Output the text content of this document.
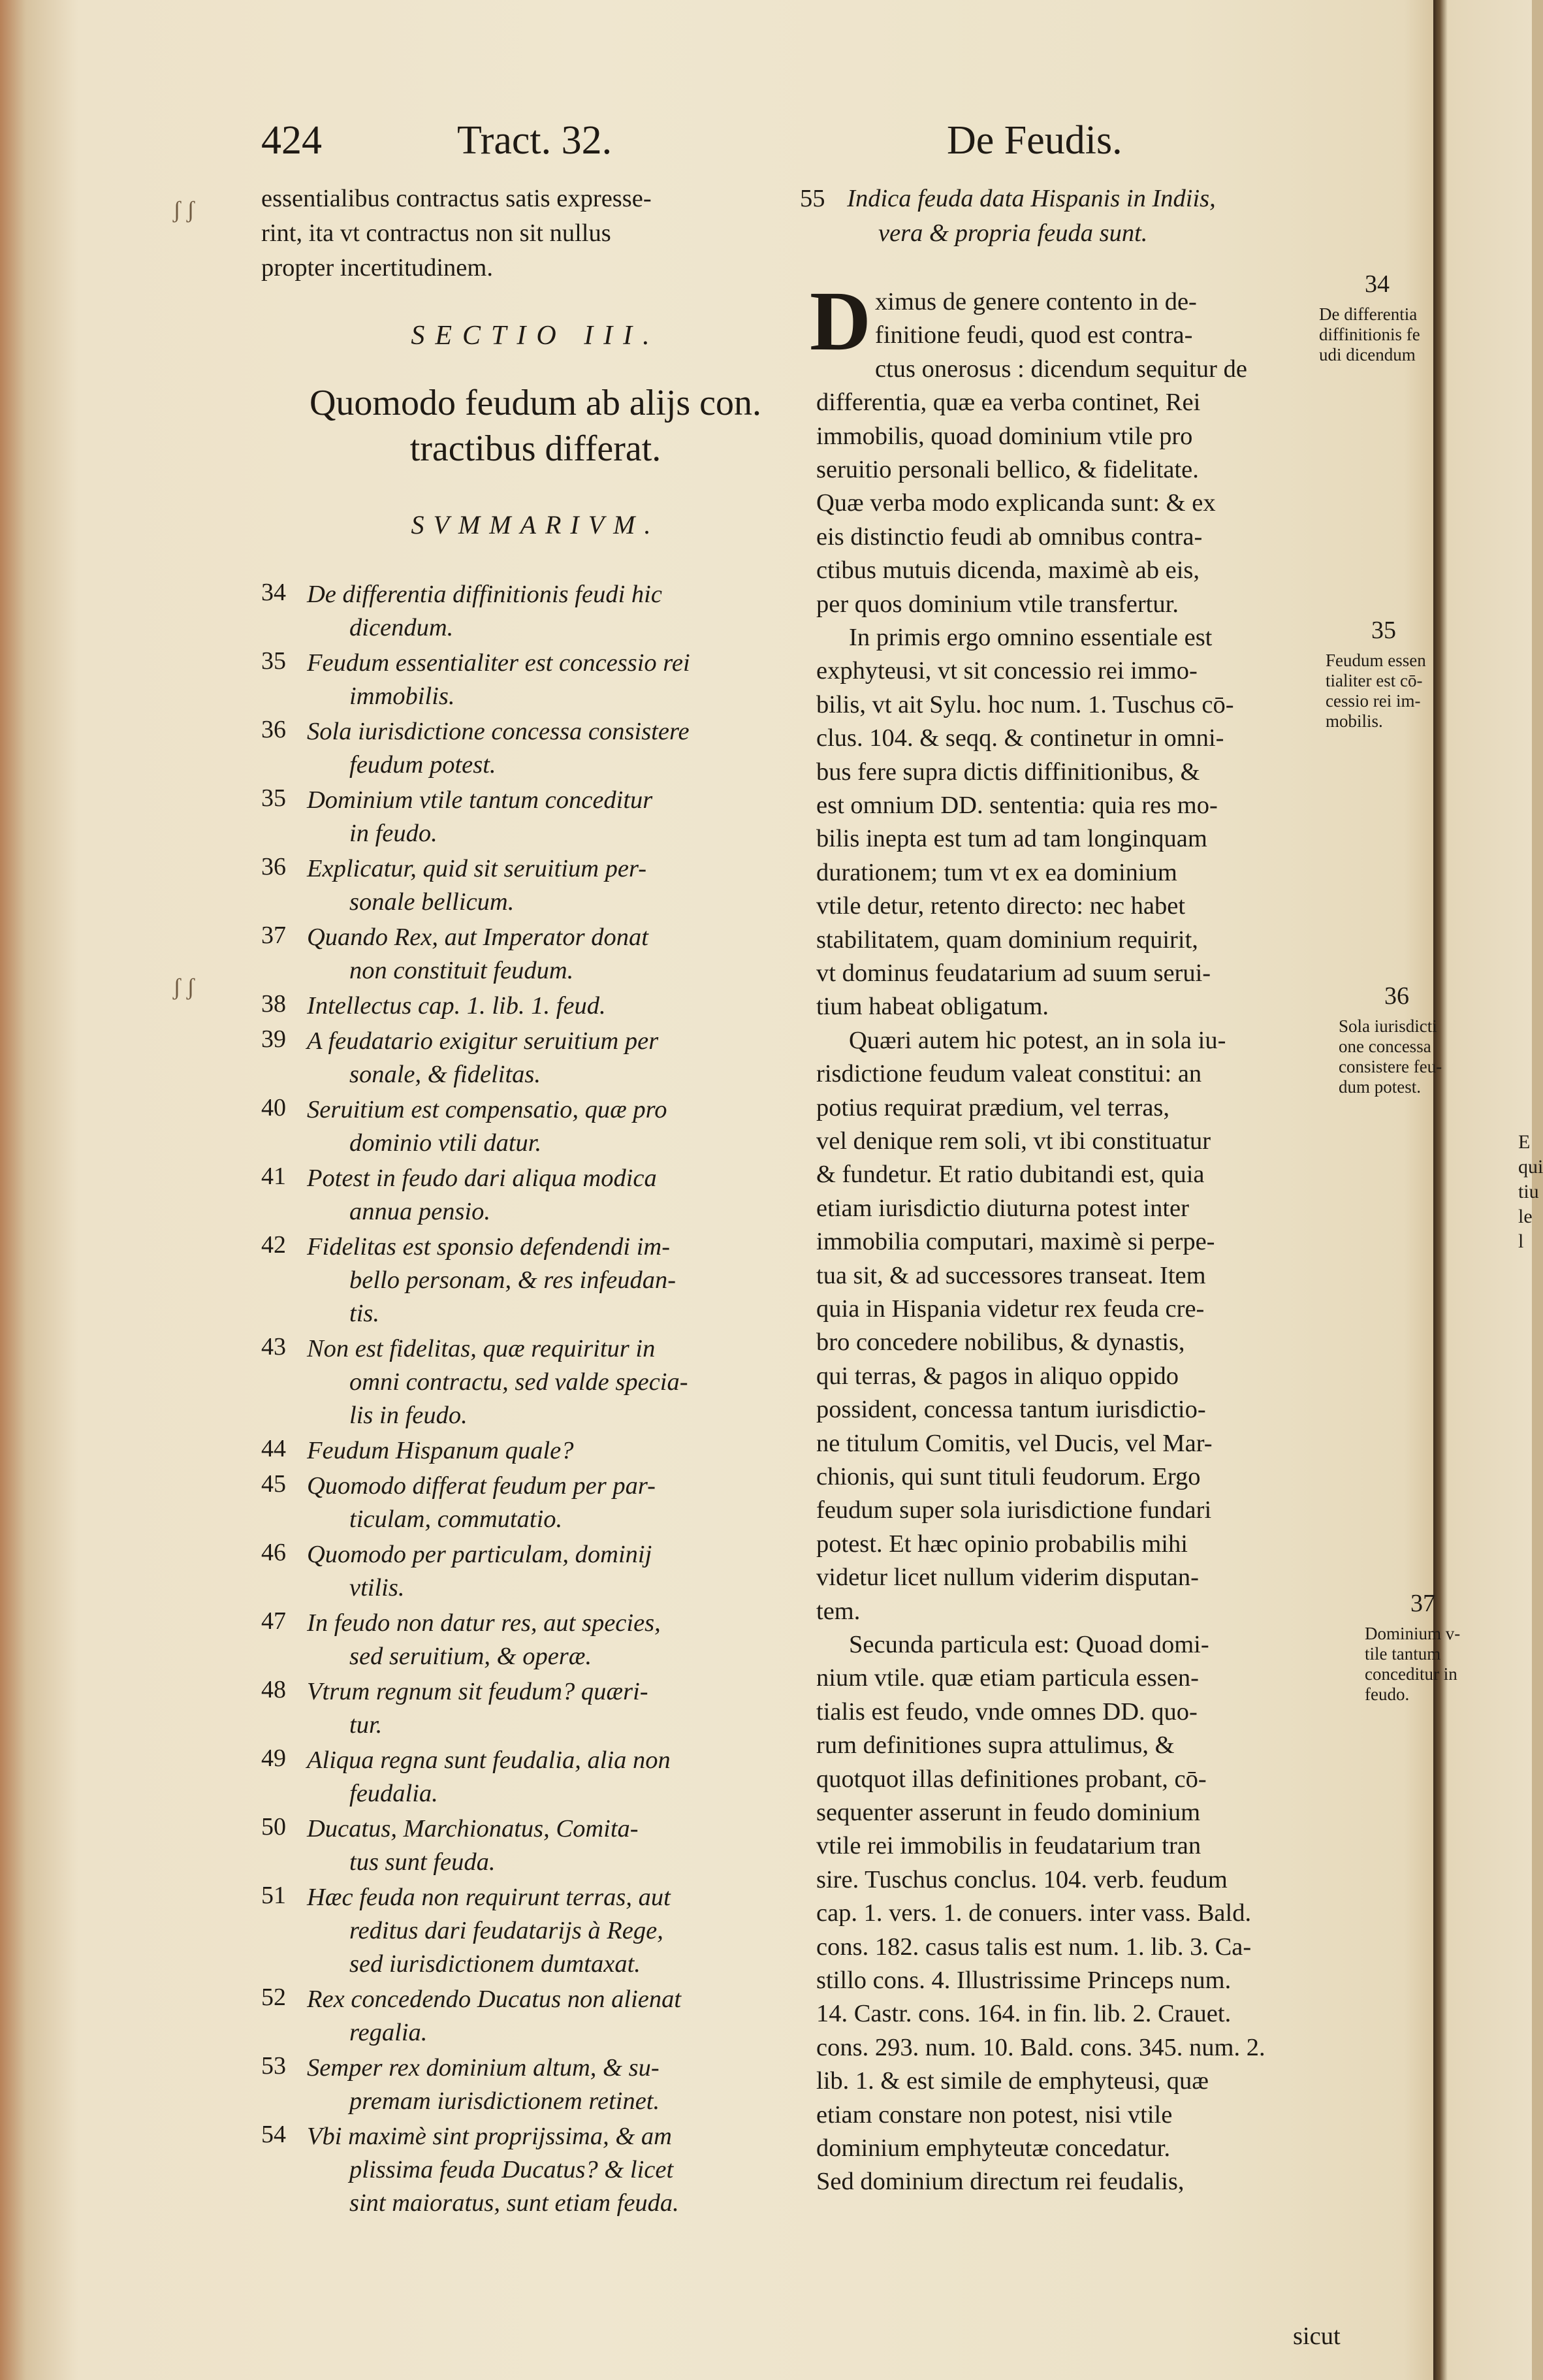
424	Tract. 32.	De Feudis.
essentialibus contractus satis expresse-
rint, ita vt contractus non sit nullus
propter incertitudinem.
SECTIO III.
Quomodo feudum ab alijs con.
tractibus differat.
SVMMARIVM.
34 De differentia diffinitionis feudi hic
dicendum.
35 Feudum essentialiter est concessio rei
immobilis.
36 Sola iurisdictione concessa consistere
feudum potest.
35 Dominium vtile tantum conceditur
in feudo.
36 Explicatur, quid sit seruitium per-
sonale bellicum.
37 Quando Rex, aut Imperator donat
non constituit feudum.
38 Intellectus cap. 1. lib. 1. feud.
39 A feudatario exigitur seruitium per
sonale, & fidelitas.
40 Seruitium est compensatio, quæ pro
dominio vtili datur.
41 Potest in feudo dari aliqua modica
annua pensio.
42 Fidelitas est sponsio defendendi im-
bello personam, & res infeudan-
tis.
43 Non est fidelitas, quæ requiritur in
omni contractu, sed valde specia-
lis in feudo.
44 Feudum Hispanum quale?
45 Quomodo differat feudum per par-
ticulam, commutatio.
46 Quomodo per particulam, dominij
vtilis.
47 In feudo non datur res, aut species,
sed seruitium, & operæ.
48 Vtrum regnum sit feudum? quæri-
tur.
49 Aliqua regna sunt feudalia, alia non
feudalia.
50 Ducatus, Marchionatus, Comita-
tus sunt feuda.
51 Hæc feuda non requirunt terras, aut
reditus dari feudatarijs à Rege,
sed iurisdictionem dumtaxat.
52 Rex concedendo Ducatus non alienat
regalia.
53 Semper rex dominium altum, & su-
premam iurisdictionem retinet.
54 Vbi maximè sint proprijssima, & am
plissima feuda Ducatus? & licet
sint maioratus, sunt etiam feuda.
55 Indica feuda data Hispanis in Indiis,
vera & propria feuda sunt.
D ximus de genere contento in de-
finitione feudi, quod est contra-
ctus onerosus : dicendum sequitur de
differentia, quæ ea verba continet, Rei
immobilis, quoad dominium vtile pro
seruitio personali bellico, & fidelitate.
Quæ verba modo explicanda sunt: & ex
eis distinctio feudi ab omnibus contra-
ctibus mutuis dicenda, maximè ab eis,
per quos dominium vtile transfertur.
In primis ergo omnino essentiale est
exphyteusi, vt sit concessio rei immo-
bilis, vt ait Sylu. hoc num. 1. Tuschus cō-
clus. 104. & seqq. & continetur in omni-
bus fere supra dictis diffinitionibus, &
est omnium DD. sententia: quia res mo-
bilis inepta est tum ad tam longinquam
durationem; tum vt ex ea dominium
vtile detur, retento directo: nec habet
stabilitatem, quam dominium requirit,
vt dominus feudatarium ad suum serui-
tium habeat obligatum.
Quæri autem hic potest, an in sola iu-
risdictione feudum valeat constitui: an
potius requirat prædium, vel terras,
vel denique rem soli, vt ibi constituatur
& fundetur. Et ratio dubitandi est, quia
etiam iurisdictio diuturna potest inter
immobilia computari, maximè si perpe-
tua sit, & ad successores transeat. Item
quia in Hispania videtur rex feuda cre-
bro concedere nobilibus, & dynastis,
qui terras, & pagos in aliquo oppido
possident, concessa tantum iurisdictio-
ne titulum Comitis, vel Ducis, vel Mar-
chionis, qui sunt tituli feudorum. Ergo
feudum super sola iurisdictione fundari
potest. Et hæc opinio probabilis mihi
videtur licet nullum viderim disputan-
tem.
Secunda particula est: Quoad domi-
nium vtile. quæ etiam particula essen-
tialis est feudo, vnde omnes DD. quo-
rum definitiones supra attulimus, &
quotquot illas definitiones probant, cō-
sequenter asserunt in feudo dominium
vtile rei immobilis in feudatarium tran
sire. Tuschus conclus. 104. verb. feudum
cap. 1. vers. 1. de conuers. inter vass. Bald.
cons. 182. casus talis est num. 1. lib. 3. Ca-
stillo cons. 4. Illustrissime Princeps num.
14. Castr. cons. 164. in fin. lib. 2. Crauet.
cons. 293. num. 10. Bald. cons. 345. num. 2.
lib. 1. & est simile de emphyteusi, quæ
etiam constare non potest, nisi vtile
dominium emphyteutæ concedatur.
Sed dominium directum rei feudalis,
sicut
34
De differentia
diffinitionis fe
udi dicendum
35
Feudum essen
tialiter est cō-
cessio rei im-
mobilis.
36
Sola iurisdicti
one concessa
consistere feu-
dum potest.
37
Dominium v-
tile tantum
conceditur in
feudo.
E
qui
tiu
le l
ʃ ʃ
ʃ ʃ
